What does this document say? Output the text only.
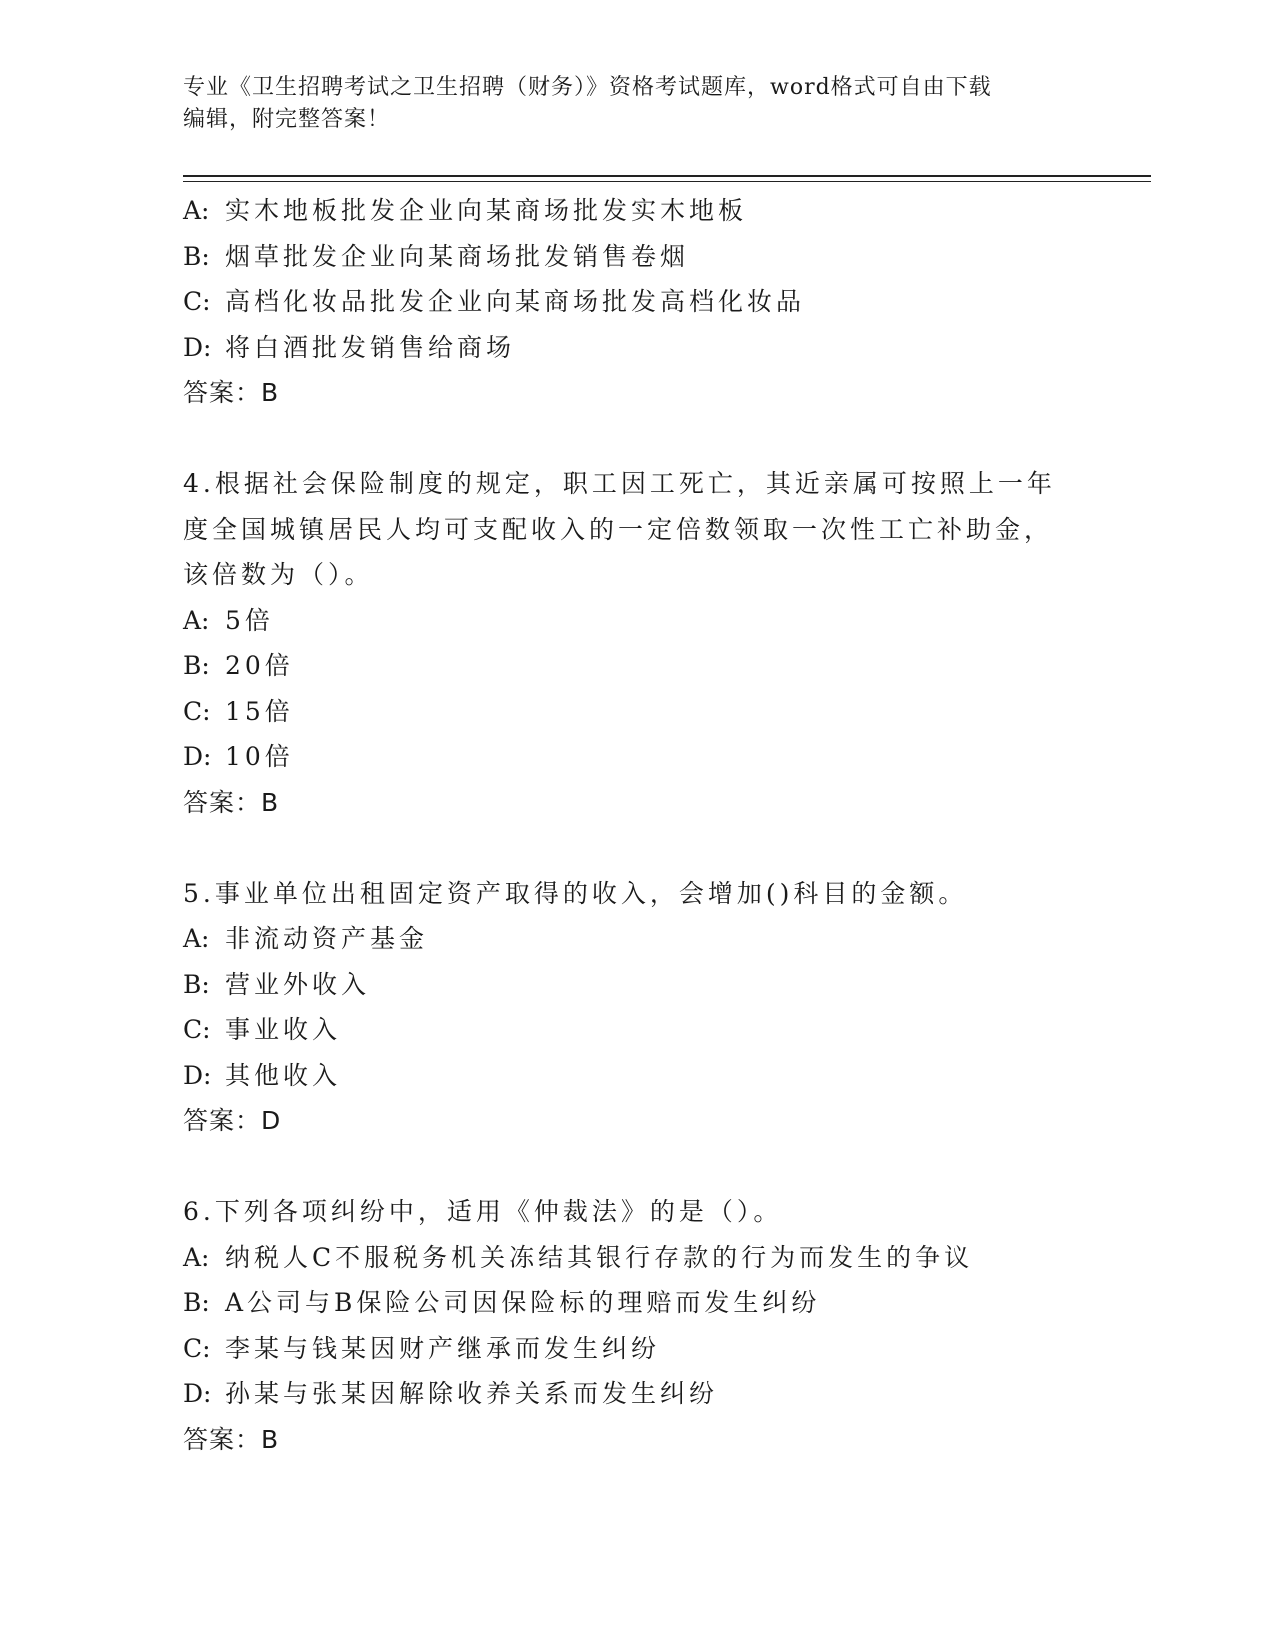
专业《卫生招聘考试之卫生招聘（财务）》资格考试题库，word格式可自由下载
编辑，附完整答案！
A: 实木地板批发企业向某商场批发实木地板
B: 烟草批发企业向某商场批发销售卷烟
C: 高档化妆品批发企业向某商场批发高档化妆品
D: 将白酒批发销售给商场
答案：B
4.根据社会保险制度的规定，职工因工死亡，其近亲属可按照上一年
度全国城镇居民人均可支配收入的一定倍数领取一次性工亡补助金，
该倍数为（）。
A: 5倍
B: 20倍
C: 15倍
D: 10倍
答案：B
5.事业单位出租固定资产取得的收入，会增加()科目的金额。
A: 非流动资产基金
B: 营业外收入
C: 事业收入
D: 其他收入
答案：D
6.下列各项纠纷中，适用《仲裁法》的是（）。
A: 纳税人C不服税务机关冻结其银行存款的行为而发生的争议
B: A公司与B保险公司因保险标的理赔而发生纠纷
C: 李某与钱某因财产继承而发生纠纷
D: 孙某与张某因解除收养关系而发生纠纷
答案：B
